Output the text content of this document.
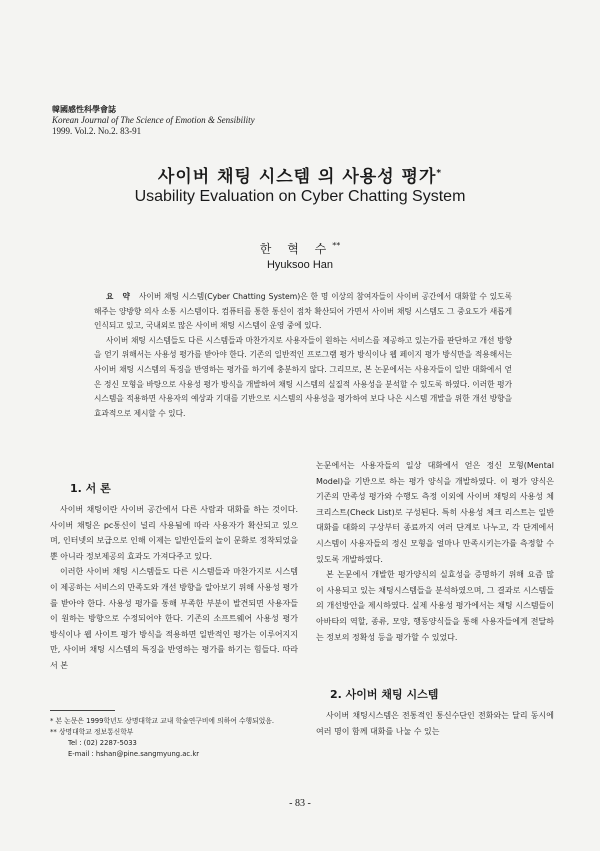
韓國感性科學會誌
Korean Journal of The Science of Emotion & Sensibility
1999. Vol.2. No.2. 83-91
사이버 채팅 시스템 의 사용성 평가*
Usability Evaluation on Cyber Chatting System
한 혁 수**
Hyuksoo Han

요 약 사이버 채팅 시스템(Cyber Chatting System)은 한 명 이상의 참여자들이 사이버 공간에서 대화할 수 있도록 해주는 양방향 의사 소통 시스템이다. 컴퓨터를 통한 통신이 점차 확산되어 가면서 사이버 채팅 시스템도 그 중요도가 새롭게 인식되고 있고, 국내외로 많은 사이버 채팅 시스템이 운영 중에 있다.

사이버 채팅 시스템들도 다른 시스템들과 마찬가지로 사용자들이 원하는 서비스를 제공하고 있는가를 판단하고 개선 방향을 얻기 위해서는 사용성 평가를 받아야 한다. 기존의 일반적인 프로그램 평가 방식이나 웹 페이지 평가 방식만을 적용해서는 사이버 채팅 시스템의 특징을 반영하는 평가를 하기에 충분하지 않다. 그리므로, 본 논문에서는 사용자들이 일반 대화에서 얻은 정신 모형을 바탕으로 사용성 평가 방식을 개발하여 채팅 시스템의 실질적 사용성을 분석할 수 있도록 하였다. 이러한 평가 시스템을 적용하면 사용자의 예상과 기대를 기반으로 시스템의 사용성을 평가하여 보다 나은 시스템 개발을 위한 개선 방향을 효과적으로 제시할 수 있다.

1. 서 론

사이버 채팅이란 사이버 공간에서 다른 사람과 대화를 하는 것이다. 사이버 채팅은 pc통신이 널리 사용됨에 따라 사용자가 확산되고 있으며, 인터넷의 보급으로 인해 이제는 일반인들의 놀이 문화로 정착되었을 뿐 아니라 정보제공의 효과도 가져다주고 있다.

이러한 사이버 채팅 시스템들도 다른 시스템들과 마찬가지로 시스템이 제공하는 서비스의 만족도와 개선 방향을 알아보기 위해 사용성 평가를 받아야 한다. 사용성 평가를 통해 부족한 부분이 발견되면 사용자들이 원하는 방향으로 수정되어야 한다. 기존의 소프트웨어 사용성 평가 방식이나 웹 사이트 평가 방식을 적용하면 일반적인 평가는 이루어지지만, 사이버 채팅 시스템의 특징을 반영하는 평가를 하기는 힘들다. 따라서 본

* 본 논문은 1999학년도 상명대학교 교내 학술연구비에 의하여 수행되었음.
** 상명대학교 정보통신학부
Tel : (02) 2287-5033
E-mail : hshan@pine.sangmyung.ac.kr

논문에서는 사용자들의 일상 대화에서 얻은 정신 모형(Mental Model)을 기반으로 하는 평가 양식을 개발하였다. 이 평가 양식은 기존의 만족성 평가와 수행도 측정 이외에 사이버 채팅의 사용성 체크리스트(Check List)로 구성된다. 특히 사용성 체크 리스트는 일반대화를 대화의 구상부터 종료까지 여러 단계로 나누고, 각 단계에서 시스템이 사용자들의 정신 모형을 얼마나 만족시키는가를 측정할 수 있도록 개발하였다.

본 논문에서 개발한 평가양식의 실효성을 증명하기 위해 요즘 많이 사용되고 있는 채팅시스템들을 분석하였으며, 그 결과로 시스템들의 개선방안을 제시하였다. 실제 사용성 평가에서는 채팅 시스템들이 아바타의 역할, 종류, 모양, 행동양식들을 통해 사용자들에게 전달하는 정보의 정확성 등을 평가할 수 있었다.

2. 사이버 채팅 시스템

사이버 채팅시스템은 전통적인 통신수단인 전화와는 달리 동시에 여러 명이 함께 대화를 나눌 수 있는

- 83 -
